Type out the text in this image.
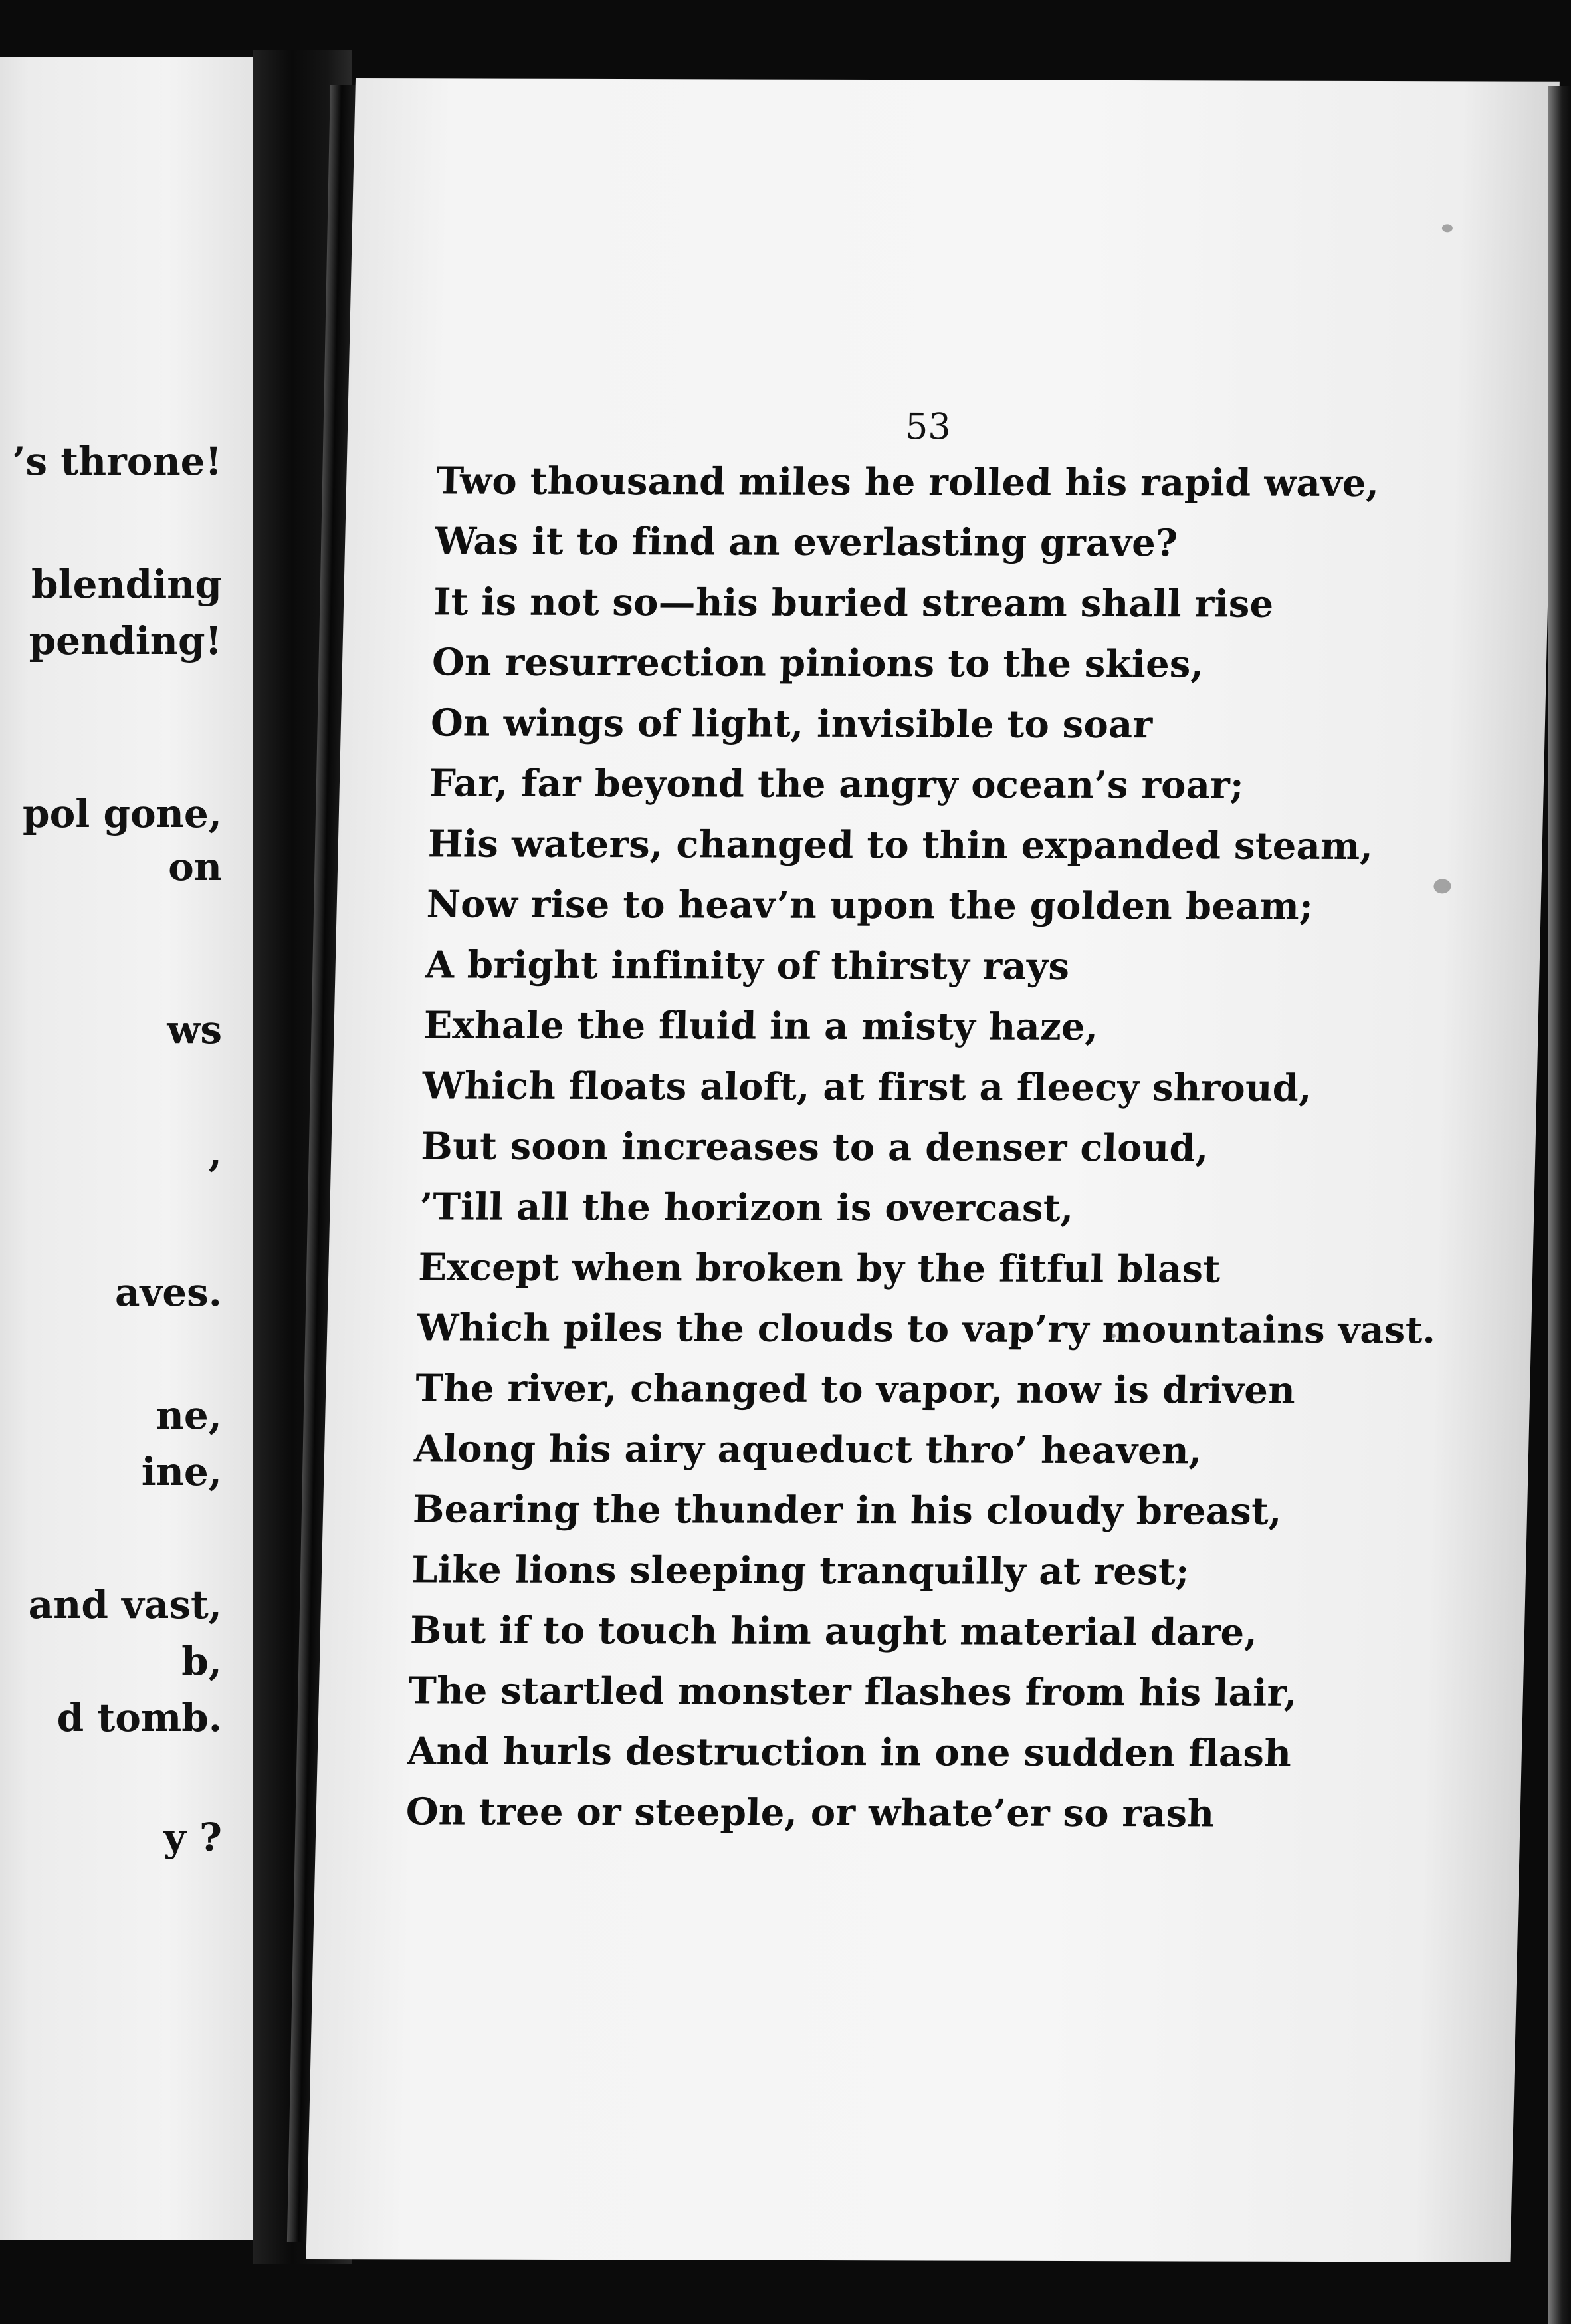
’s throne!
blending
pending!
pol gone,
on
ws
,
aves.
ne,
ine,
and vast,
b,
d tomb.
y ?
53
Two thousand miles he rolled his rapid wave,
Was it to find an everlasting grave?
It is not so—his buried stream shall rise
On resurrection pinions to the skies,
On wings of light, invisible to soar
Far, far beyond the angry ocean’s roar;
His waters, changed to thin expanded steam,
Now rise to heav’n upon the golden beam;
A bright infinity of thirsty rays
Exhale the fluid in a misty haze,
Which floats aloft, at first a fleecy shroud,
But soon increases to a denser cloud,
’Till all the horizon is overcast,
Except when broken by the fitful blast
Which piles the clouds to vap’ry mountains vast.
The river, changed to vapor, now is driven
Along his airy aqueduct thro’ heaven,
Bearing the thunder in his cloudy breast,
Like lions sleeping tranquilly at rest;
But if to touch him aught material dare,
The startled monster flashes from his lair,
And hurls destruction in one sudden flash
On tree or steeple, or whate’er so rash
